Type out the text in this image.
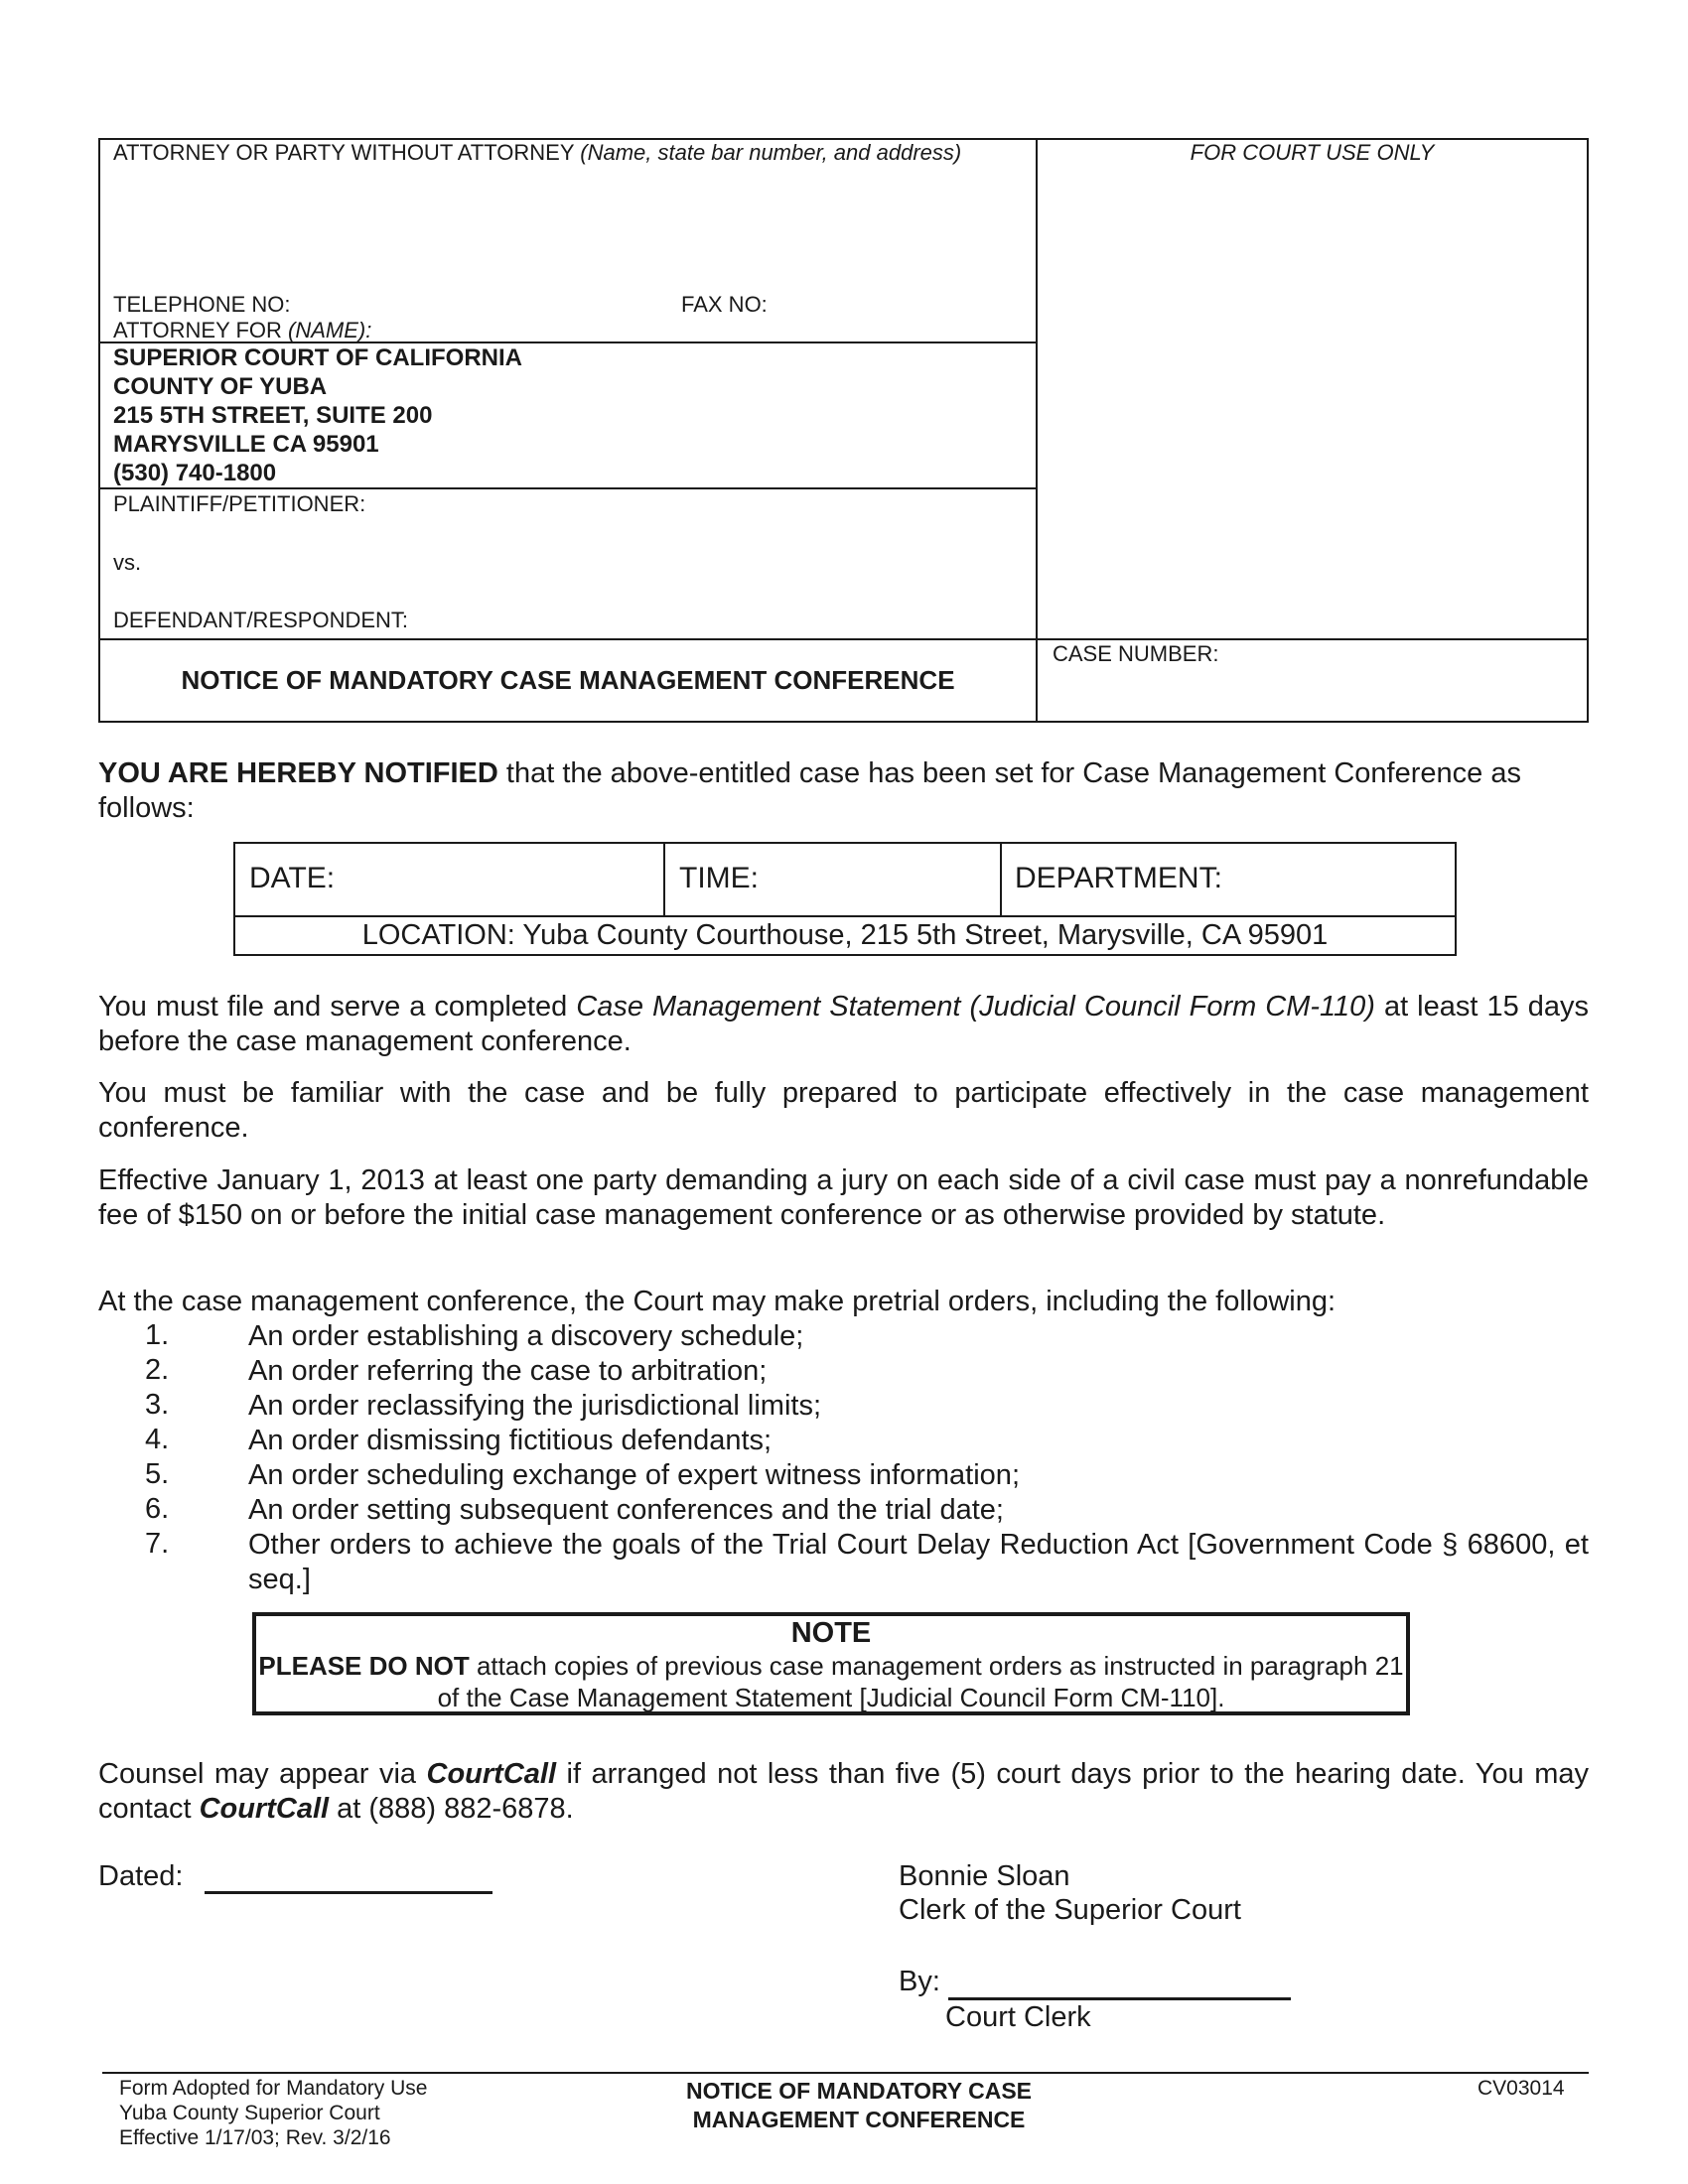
ATTORNEY OR PARTY WITHOUT ATTORNEY (Name, state bar number, and address)	FOR COURT USE ONLY
TELEPHONE NO:	FAX NO:
ATTORNEY FOR (NAME):
SUPERIOR COURT OF CALIFORNIA
COUNTY OF YUBA
215 5TH STREET, SUITE 200
MARYSVILLE CA 95901
(530) 740-1800
PLAINTIFF/PETITIONER:
vs.
DEFENDANT/RESPONDENT:
NOTICE OF MANDATORY CASE MANAGEMENT CONFERENCE
CASE NUMBER:
YOU ARE HEREBY NOTIFIED that the above-entitled case has been set for Case Management Conference as follows:
DATE:	TIME:	DEPARTMENT:
LOCATION: Yuba County Courthouse, 215 5th Street, Marysville, CA 95901
You must file and serve a completed Case Management Statement (Judicial Council Form CM-110) at least 15 days before the case management conference.
You must be familiar with the case and be fully prepared to participate effectively in the case management conference.
Effective January 1, 2013 at least one party demanding a jury on each side of a civil case must pay a nonrefundable fee of $150 on or before the initial case management conference or as otherwise provided by statute.
At the case management conference, the Court may make pretrial orders, including the following:
1.	An order establishing a discovery schedule;
2.	An order referring the case to arbitration;
3.	An order reclassifying the jurisdictional limits;
4.	An order dismissing fictitious defendants;
5.	An order scheduling exchange of expert witness information;
6.	An order setting subsequent conferences and the trial date;
7.	Other orders to achieve the goals of the Trial Court Delay Reduction Act [Government Code § 68600, et seq.]
NOTE
PLEASE DO NOT attach copies of previous case management orders as instructed in paragraph 21 of the Case Management Statement [Judicial Council Form CM-110].
Counsel may appear via CourtCall if arranged not less than five (5) court days prior to the hearing date. You may contact CourtCall at (888) 882-6878.
Dated:	Bonnie Sloan
Clerk of the Superior Court
By:
Court Clerk
Form Adopted for Mandatory Use
Yuba County Superior Court
Effective 1/17/03; Rev. 3/2/16
NOTICE OF MANDATORY CASE
MANAGEMENT CONFERENCE
CV03014
